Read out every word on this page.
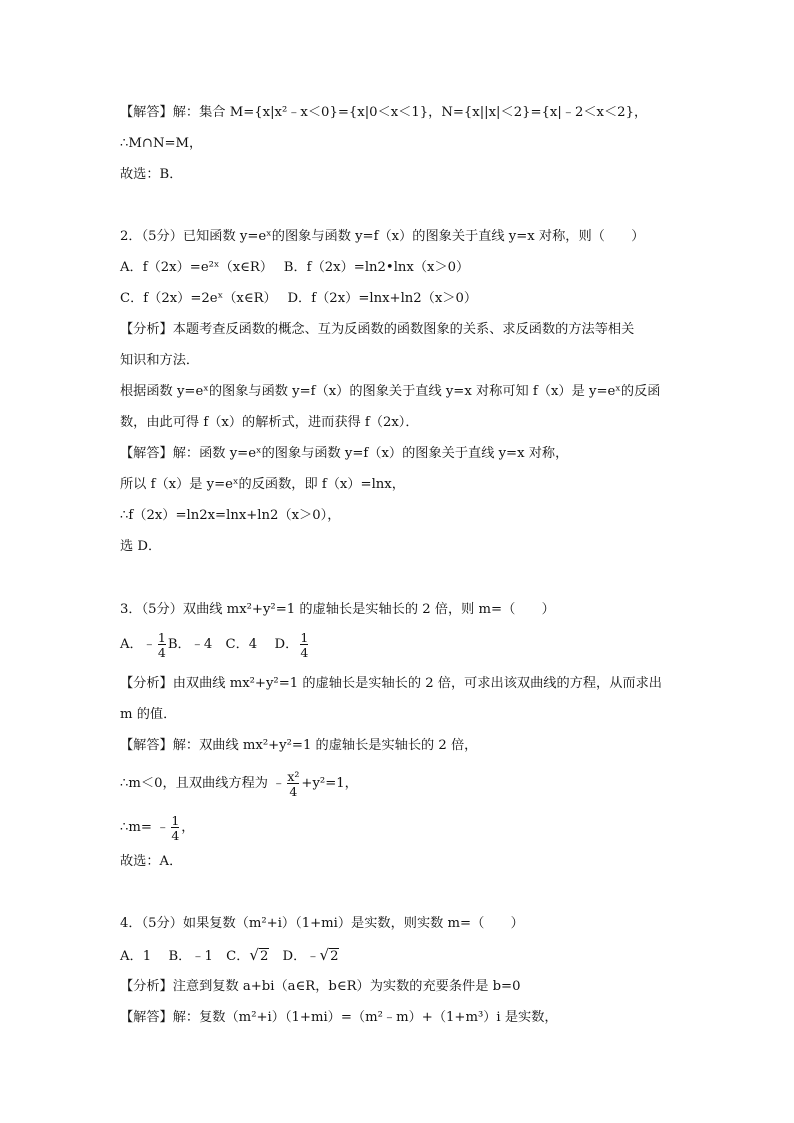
【解答】解：集合 M={x|x²﹣x＜0}={x|0＜x＜1}，N={x||x|＜2}={x|﹣2＜x＜2}，
∴M∩N=M，
故选：B．
2．（5分）已知函数 y=eˣ的图象与函数 y=f（x）的图象关于直线 y=x 对称，则（　　）
A．f（2x）=e²ˣ（x∈R）　 B．f（2x）=ln2•lnx（x＞0）
C．f（2x）=2eˣ（x∈R）　 D．f（2x）=lnx+ln2（x＞0）
【分析】本题考查反函数的概念、互为反函数的函数图象的关系、求反函数的方法等相关
知识和方法．
根据函数 y=eˣ的图象与函数 y=f（x）的图象关于直线 y=x 对称可知 f（x）是 y=eˣ的反函
数，由此可得 f（x）的解析式，进而获得 f（2x）．
【解答】解：函数 y=eˣ的图象与函数 y=f（x）的图象关于直线 y=x 对称，
所以 f（x）是 y=eˣ的反函数，即 f（x）=lnx，
∴f（2x）=ln2x=lnx+ln2（x＞0），
选 D．
3．（5分）双曲线 mx²+y²=1 的虚轴长是实轴长的 2 倍，则 m=（　　）
A．﹣ $\frac{1}{4}$ B．﹣4　C．4　 D． $\frac{1}{4}$
【分析】由双曲线 mx²+y²=1 的虚轴长是实轴长的 2 倍，可求出该双曲线的方程，从而求出
m 的值．
【解答】解：双曲线 mx²+y²=1 的虚轴长是实轴长的 2 倍，
∴m＜0，且双曲线方程为 ﹣ $\frac{\text{x²}}{4} +y^2=1$，
∴m= ﹣ $\frac{1}{4}$ ，
故选：A．
4．（5分）如果复数（m²+i）（1+mi）是实数，则实数 m=（　　）
A．1　 B．﹣1　C．√2　D．﹣√2
【分析】注意到复数 a+bi（a∈R，b∈R）为实数的充要条件是 b=0
【解答】解：复数（m²+i）（1+mi）=（m²﹣m）+（1+m³）i 是实数，
